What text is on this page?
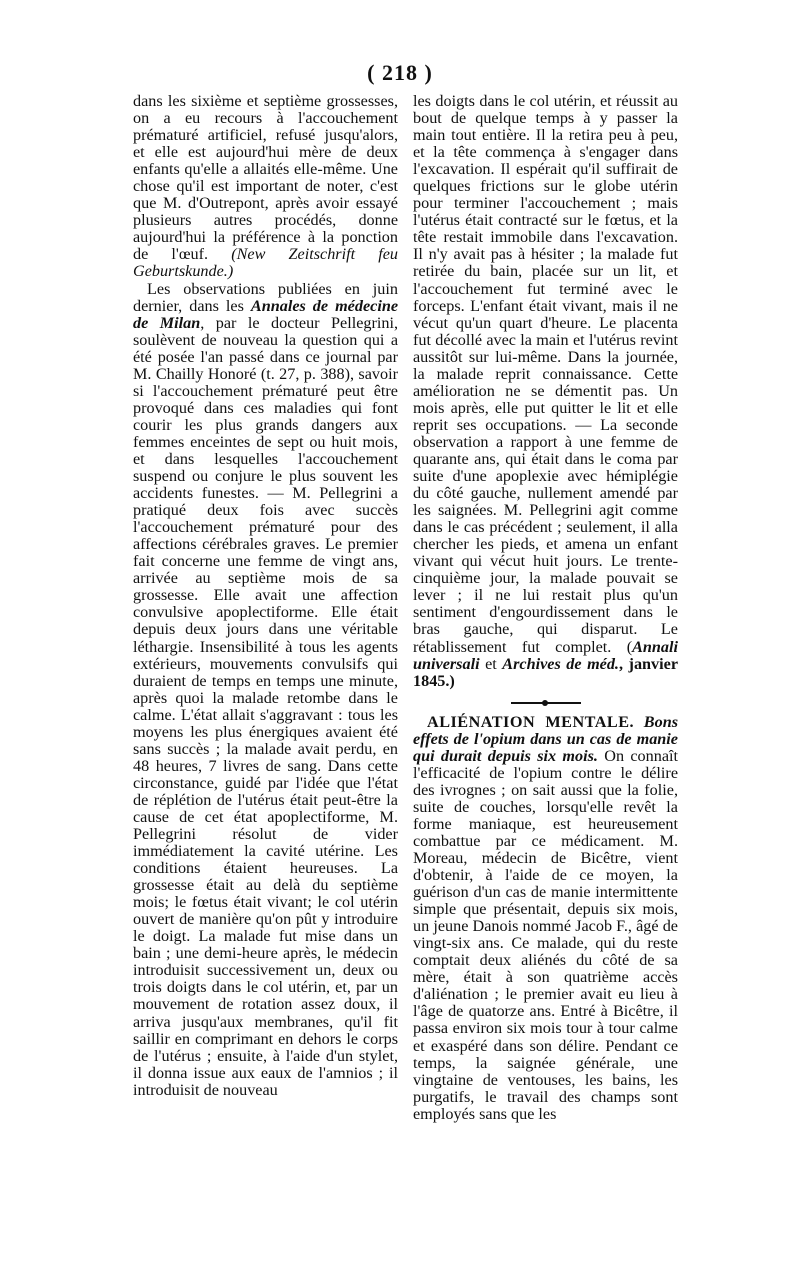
( 218 )

dans les sixième et septième grossesses, on a eu recours à l'accouchement prématuré artificiel, refusé jusqu'alors, et elle est aujourd'hui mère de deux enfants qu'elle a allaités elle-même. Une chose qu'il est important de noter, c'est que M. d'Outrepont, après avoir essayé plusieurs autres procédés, donne aujourd'hui la préférence à la ponction de l'œuf. (New Zeitschrift feu Geburtskunde.)

Les observations publiées en juin dernier, dans les Annales de médecine de Milan, par le docteur Pellegrini, soulèvent de nouveau la question qui a été posée l'an passé dans ce journal par M. Chailly Honoré (t. 27, p. 388), savoir si l'accouchement prématuré peut être provoqué dans ces maladies qui font courir les plus grands dangers aux femmes enceintes de sept ou huit mois, et dans lesquelles l'accouchement suspend ou conjure le plus souvent les accidents funestes. — M. Pellegrini a pratiqué deux fois avec succès l'accouchement prématuré pour des affections cérébrales graves. Le premier fait concerne une femme de vingt ans, arrivée au septième mois de sa grossesse. Elle avait une affection convulsive apoplectiforme. Elle était depuis deux jours dans une véritable léthargie. Insensibilité à tous les agents extérieurs, mouvements convulsifs qui duraient de temps en temps une minute, après quoi la malade retombe dans le calme. L'état allait s'aggravant : tous les moyens les plus énergiques avaient été sans succès ; la malade avait perdu, en 48 heures, 7 livres de sang. Dans cette circonstance, guidé par l'idée que l'état de réplétion de l'utérus était peut-être la cause de cet état apoplectiforme, M. Pellegrini résolut de vider immédiatement la cavité utérine. Les conditions étaient heureuses. La grossesse était au delà du septième mois; le fœtus était vivant; le col utérin ouvert de manière qu'on pût y introduire le doigt. La malade fut mise dans un bain ; une demi-heure après, le médecin introduisit successivement un, deux ou trois doigts dans le col utérin, et, par un mouvement de rotation assez doux, il arriva jusqu'aux membranes, qu'il fit saillir en comprimant en dehors le corps de l'utérus ; ensuite, à l'aide d'un stylet, il donna issue aux eaux de l'amnios ; il introduisit de nouveau

les doigts dans le col utérin, et réussit au bout de quelque temps à y passer la main tout entière. Il la retira peu à peu, et la tête commença à s'engager dans l'excavation. Il espérait qu'il suffirait de quelques frictions sur le globe utérin pour terminer l'accouchement ; mais l'utérus était contracté sur le fœtus, et la tête restait immobile dans l'excavation. Il n'y avait pas à hésiter ; la malade fut retirée du bain, placée sur un lit, et l'accouchement fut terminé avec le forceps. L'enfant était vivant, mais il ne vécut qu'un quart d'heure. Le placenta fut décollé avec la main et l'utérus revint aussitôt sur lui-même. Dans la journée, la malade reprit connaissance. Cette amélioration ne se démentit pas. Un mois après, elle put quitter le lit et elle reprit ses occupations. — La seconde observation a rapport à une femme de quarante ans, qui était dans le coma par suite d'une apoplexie avec hémiplégie du côté gauche, nullement amendé par les saignées. M. Pellegrini agit comme dans le cas précédent ; seulement, il alla chercher les pieds, et amena un enfant vivant qui vécut huit jours. Le trente-cinquième jour, la malade pouvait se lever ; il ne lui restait plus qu'un sentiment d'engourdissement dans le bras gauche, qui disparut. Le rétablissement fut complet. (Annali universali et Archives de méd., janvier 1845.)

ALIÉNATION MENTALE. Bons effets de l'opium dans un cas de manie qui durait depuis six mois. On connaît l'efficacité de l'opium contre le délire des ivrognes ; on sait aussi que la folie, suite de couches, lorsqu'elle revêt la forme maniaque, est heureusement combattue par ce médicament. M. Moreau, médecin de Bicêtre, vient d'obtenir, à l'aide de ce moyen, la guérison d'un cas de manie intermittente simple que présentait, depuis six mois, un jeune Danois nommé Jacob F., âgé de vingt-six ans. Ce malade, qui du reste comptait deux aliénés du côté de sa mère, était à son quatrième accès d'aliénation ; le premier avait eu lieu à l'âge de quatorze ans. Entré à Bicêtre, il passa environ six mois tour à tour calme et exaspéré dans son délire. Pendant ce temps, la saignée générale, une vingtaine de ventouses, les bains, les purgatifs, le travail des champs sont employés sans que les
